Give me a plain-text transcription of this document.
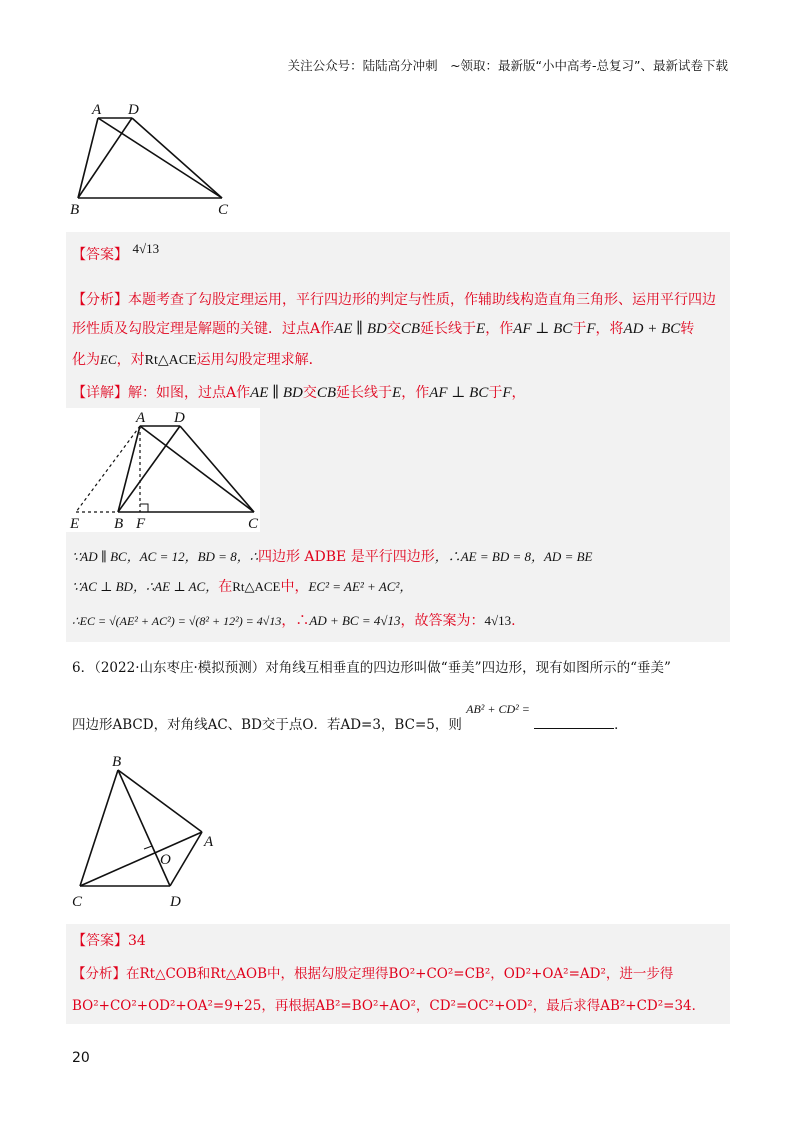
关注公众号：陆陆高分冲刺　~领取：最新版“小中高考-总复习”、最新试卷下载
A D
B	C
【答案】 4√13
【分析】本题考查了勾股定理运用，平行四边形的判定与性质，作辅助线构造直角三角形、运用平行四边
形性质及勾股定理是解题的关键．过点A作AE ∥ BD交CB延长线于E，作AF ⊥ BC于F，将AD + BC转
化为EC，对Rt△ACE运用勾股定理求解．
【详解】解：如图，过点A作AE ∥ BD交CB延长线于E，作AF ⊥ BC于F，
A D
E B F	C
∵AD ∥ BC，AC = 12，BD = 8，∴四边形 ADBE 是平行四边形，∴AE = BD = 8，AD = BE
∵AC ⊥ BD，∴AE ⊥ AC，在Rt△ACE中，EC² = AE² + AC²，
∴EC = √(AE² + AC²) = √(8² + 12²) = 4√13，∴AD + BC = 4√13，故答案为：4√13.
6．（2022·山东枣庄·模拟预测）对角线互相垂直的四边形叫做“垂美”四边形，现有如图所示的“垂美”
四边形ABCD，对角线AC、BD交于点O．若AD=3，BC=5，则 AB² + CD² = ．
B
A
O
C	D
【答案】34
【分析】在Rt△COB和Rt△AOB中，根据勾股定理得BO²+CO²=CB²，OD²+OA²=AD²，进一步得
BO²+CO²+OD²+OA²=9+25，再根据AB²=BO²+AO²，CD²=OC²+OD²，最后求得AB²+CD²=34．
20
